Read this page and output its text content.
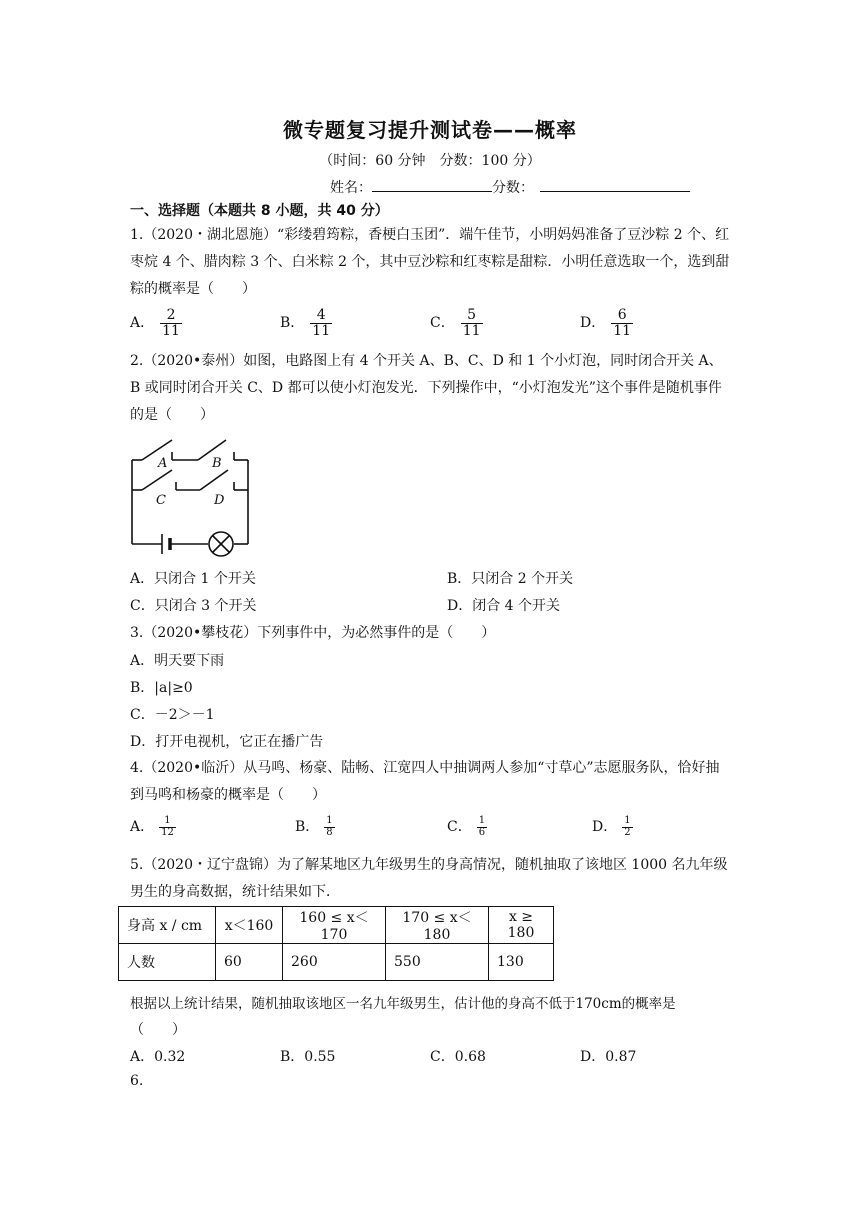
微专题复习提升测试卷——概率
（时间：60 分钟　分数：100 分）
姓名：	分数：
一、选择题（本题共 8 小题，共 40 分）
1.（2020・湖北恩施）“彩缕碧筠粽，香梗白玉团”．端午佳节，小明妈妈准备了豆沙粽 2 个、红枣烷 4 个、腊肉粽 3 个、白米粽 2 个，其中豆沙粽和红枣粽是甜粽．小明任意选取一个，选到甜粽的概率是（　　）
A． $\frac{2}{11}$	B． $\frac{4}{11}$	C． $\frac{5}{11}$	D． $\frac{6}{11}$
2.（2020•泰州）如图，电路图上有 4 个开关 A、B、C、D 和 1 个小灯泡，同时闭合开关 A、B 或同时闭合开关 C、D 都可以使小灯泡发光．下列操作中，“小灯泡发光”这个事件是随机事件的是（　　）
A	B
C	D
A．只闭合 1 个开关	B．只闭合 2 个开关
C．只闭合 3 个开关	D．闭合 4 个开关
3.（2020•攀枝花）下列事件中，为必然事件的是（　　）
A．明天要下雨
B．|a|≥0
C．－2＞－1
D．打开电视机，它正在播广告
4.（2020•临沂）从马鸣、杨豪、陆畅、江宽四人中抽调两人参加“寸草心”志愿服务队，恰好抽到马鸣和杨豪的概率是（　　）
A． $\frac{1}{12}$	B． $\frac{1}{8}$	C． $\frac{1}{6}$	D． $\frac{1}{2}$
5.（2020・辽宁盘锦）为了解某地区九年级男生的身高情况，随机抽取了该地区 1000 名九年级男生的身高数据，统计结果如下．
身高 x / cm	x＜160	160 ≤ x＜170	170 ≤ x＜180	x ≥ 180
人数	60	260	550	130
根据以上统计结果，随机抽取该地区一名九年级男生，估计他的身高不低于170cm的概率是
（　　）
A．0.32	B．0.55	C．0.68	D．0.87
6.
